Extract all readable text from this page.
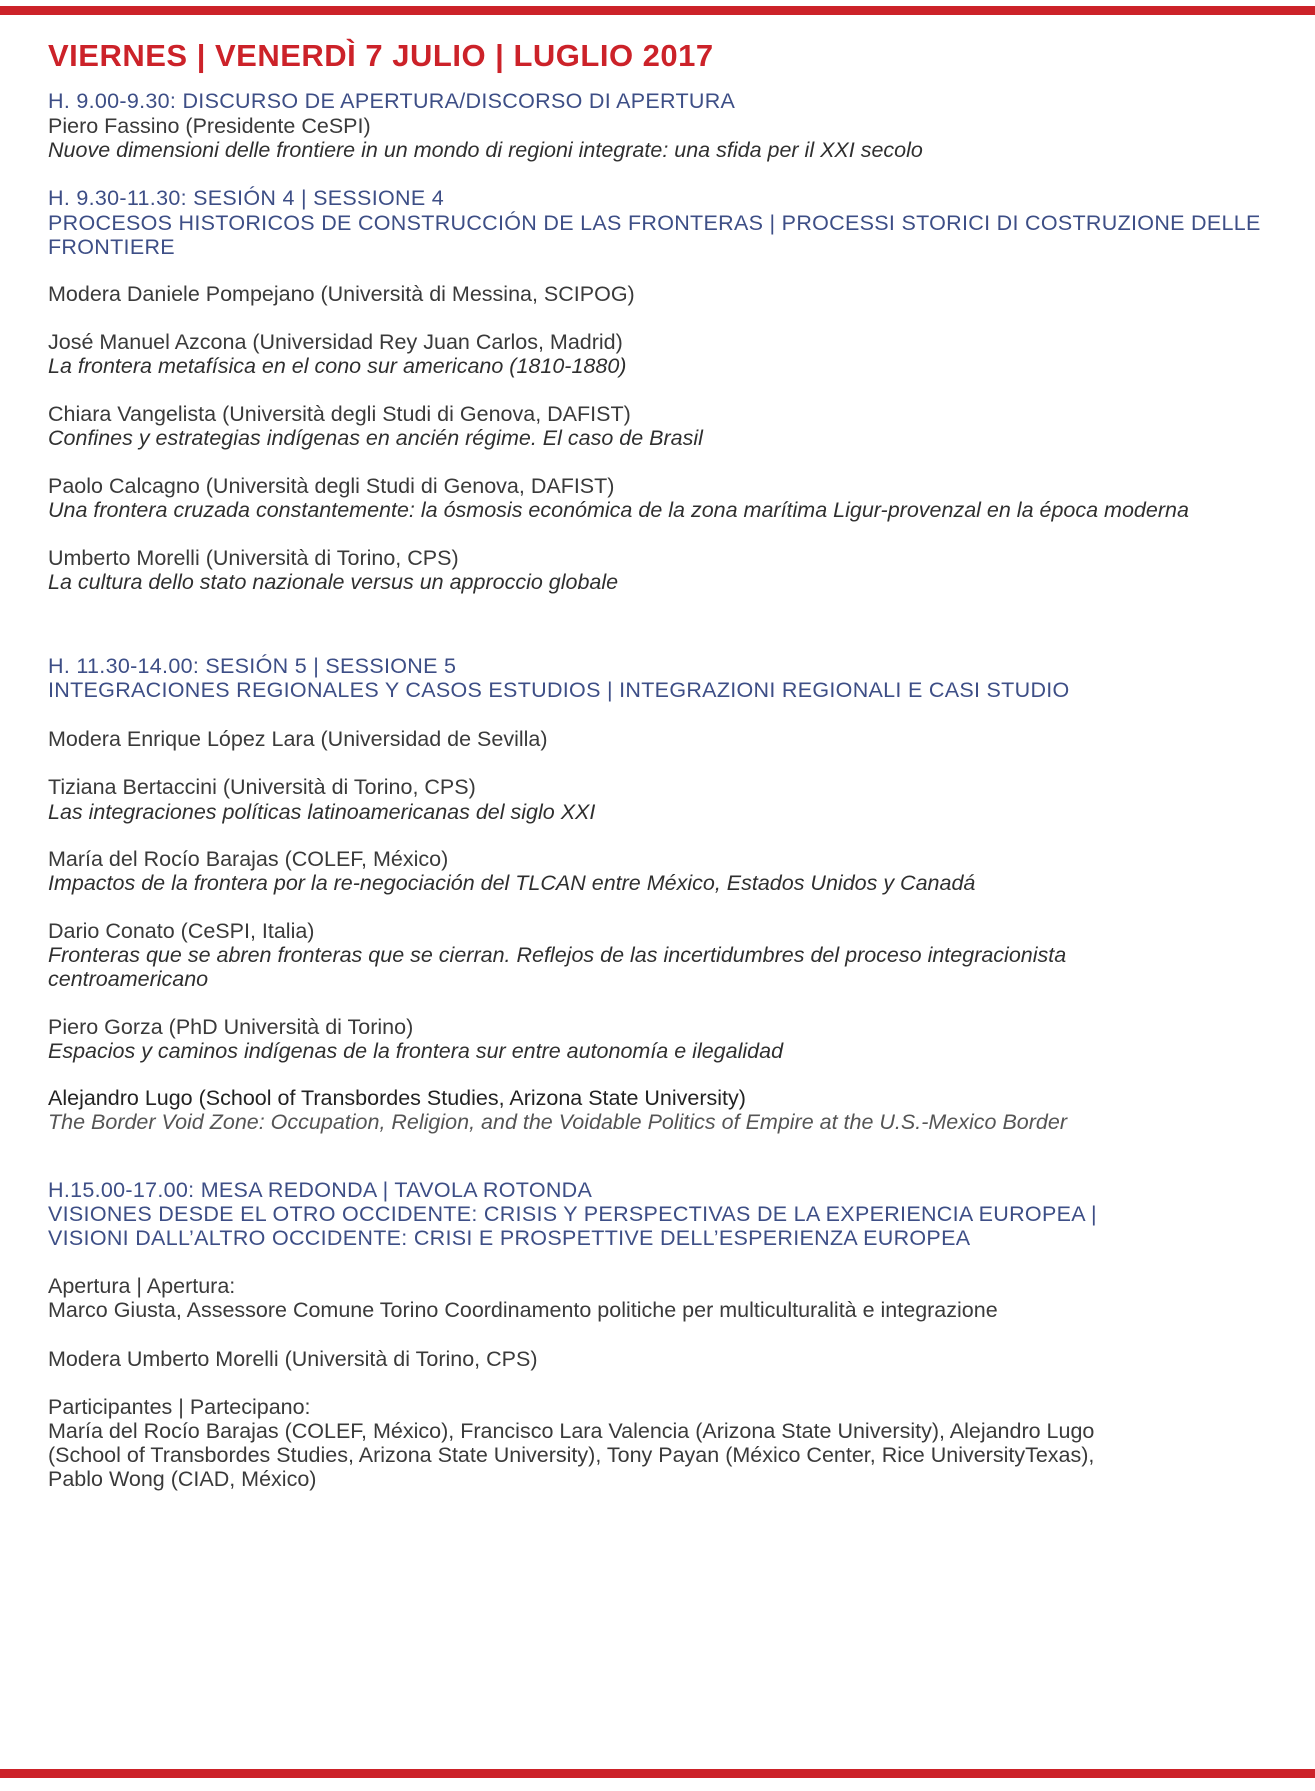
VIERNES | VENERDÌ 7 JULIO | LUGLIO 2017
H. 9.00-9.30: DISCURSO DE APERTURA/DISCORSO DI APERTURA
Piero Fassino (Presidente CeSPI)
Nuove dimensioni delle frontiere in un mondo di regioni integrate: una sfida per il XXI secolo
H. 9.30-11.30: SESIÓN 4 | SESSIONE 4
PROCESOS HISTORICOS DE CONSTRUCCIÓN DE LAS FRONTERAS | PROCESSI STORICI DI COSTRUZIONE DELLE
FRONTIERE
Modera Daniele Pompejano (Università di Messina, SCIPOG)
José Manuel Azcona (Universidad Rey Juan Carlos, Madrid)
La frontera metafísica en el cono sur americano (1810-1880)
Chiara Vangelista (Università degli Studi di Genova, DAFIST)
Confines y estrategias indígenas en ancién régime. El caso de Brasil
Paolo Calcagno (Università degli Studi di Genova, DAFIST)
Una frontera cruzada constantemente: la ósmosis económica de la zona marítima Ligur-provenzal en la época moderna
Umberto Morelli (Università di Torino, CPS)
La cultura dello stato nazionale versus un approccio globale
H. 11.30-14.00: SESIÓN 5 | SESSIONE 5
INTEGRACIONES REGIONALES Y CASOS ESTUDIOS | INTEGRAZIONI REGIONALI E CASI STUDIO
Modera Enrique López Lara (Universidad de Sevilla)
Tiziana Bertaccini (Università di Torino, CPS)
Las integraciones políticas latinoamericanas del siglo XXI
María del Rocío Barajas (COLEF, México)
Impactos de la frontera por la re-negociación del TLCAN entre México, Estados Unidos y Canadá
Dario Conato (CeSPI, Italia)
Fronteras que se abren fronteras que se cierran. Reflejos de las incertidumbres del proceso integracionista
centroamericano
Piero Gorza (PhD Università di Torino)
Espacios y caminos indígenas de la frontera sur entre autonomía e ilegalidad
Alejandro Lugo (School of Transbordes Studies, Arizona State University)
The Border Void Zone: Occupation, Religion, and the Voidable Politics of Empire at the U.S.-Mexico Border
H.15.00-17.00: MESA REDONDA | TAVOLA ROTONDA
VISIONES DESDE EL OTRO OCCIDENTE: CRISIS Y PERSPECTIVAS DE LA EXPERIENCIA EUROPEA |
VISIONI DALL’ALTRO OCCIDENTE: CRISI E PROSPETTIVE DELL’ESPERIENZA EUROPEA
Apertura | Apertura:
Marco Giusta, Assessore Comune Torino Coordinamento politiche per multiculturalità e integrazione
Modera Umberto Morelli (Università di Torino, CPS)
Participantes | Partecipano:
María del Rocío Barajas (COLEF, México), Francisco Lara Valencia (Arizona State University), Alejandro Lugo
(School of Transbordes Studies, Arizona State University), Tony Payan (México Center, Rice UniversityTexas),
Pablo Wong (CIAD, México)
